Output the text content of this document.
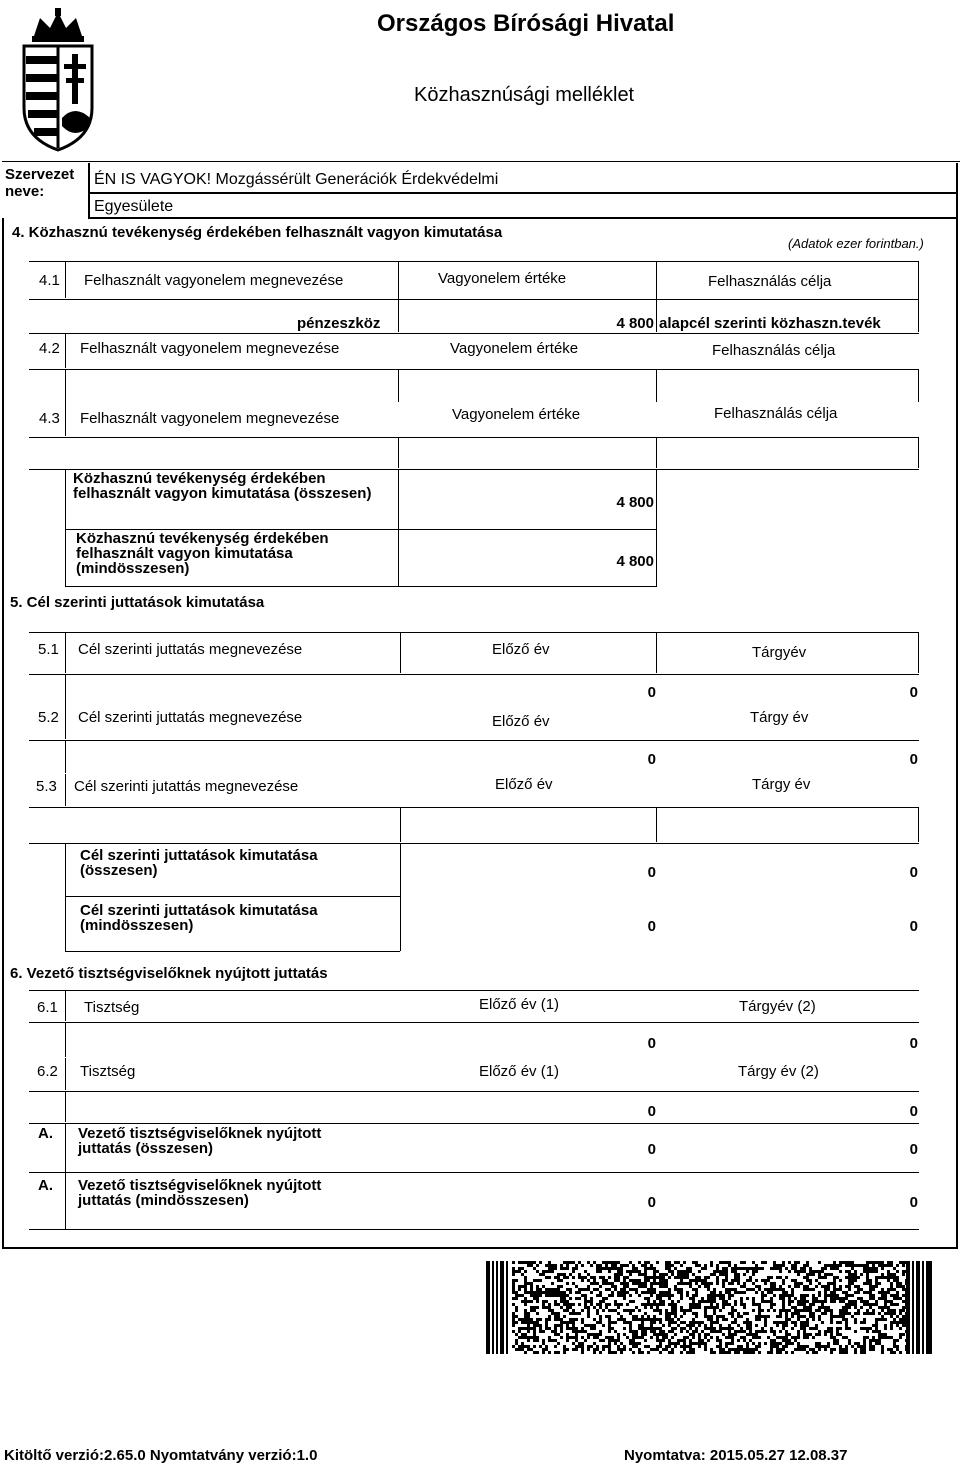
Országos Bírósági Hivatal
Közhasznúsági melléklet
Szervezet
neve:
ÉN IS VAGYOK! Mozgássérült Generációk Érdekvédelmi
Egyesülete
4. Közhasznú tevékenység érdekében felhasznált vagyon kimutatása
(Adatok ezer forintban.)
4.1 Felhasznált vagyonelem megnevezése	Vagyonelem értéke	Felhasználás célja
pénzeszköz	4 800 alapcél szerinti közhaszn.tevék
4.2 Felhasznált vagyonelem megnevezése	Vagyonelem értéke	Felhasználás célja
4.3 Felhasznált vagyonelem megnevezése	Vagyonelem értéke	Felhasználás célja
Közhasznú tevékenység érdekében felhasznált vagyon kimutatása (összesen)
4 800
Közhasznú tevékenység érdekében felhasznált vagyon kimutatása (mindösszesen)	4 800
5. Cél szerinti juttatások kimutatása
5.1 Cél szerinti juttatás megnevezése	Előző év	Tárgyév
0	0
5.2 Cél szerinti juttatás megnevezése	Előző év	Tárgy év
0	0
5.3 Cél szerinti jutattás megnevezése	Előző év	Tárgy év
Cél szerinti juttatások kimutatása (összesen)	0	0
Cél szerinti juttatások kimutatása (mindösszesen)	0	0
6. Vezető tisztségviselőknek nyújtott juttatás
6.1 Tisztség	Előző év (1)	Tárgyév (2)
0	0
6.2 Tisztség	Előző év (1)	Tárgy év (2)
0	0
A. Vezető tisztségviselőknek nyújtott juttatás (összesen)	0	0
A. Vezető tisztségviselőknek nyújtott juttatás (mindösszesen)	0	0
Kitöltő verzió:2.65.0 Nyomtatvány verzió:1.0	Nyomtatva: 2015.05.27 12.08.37
